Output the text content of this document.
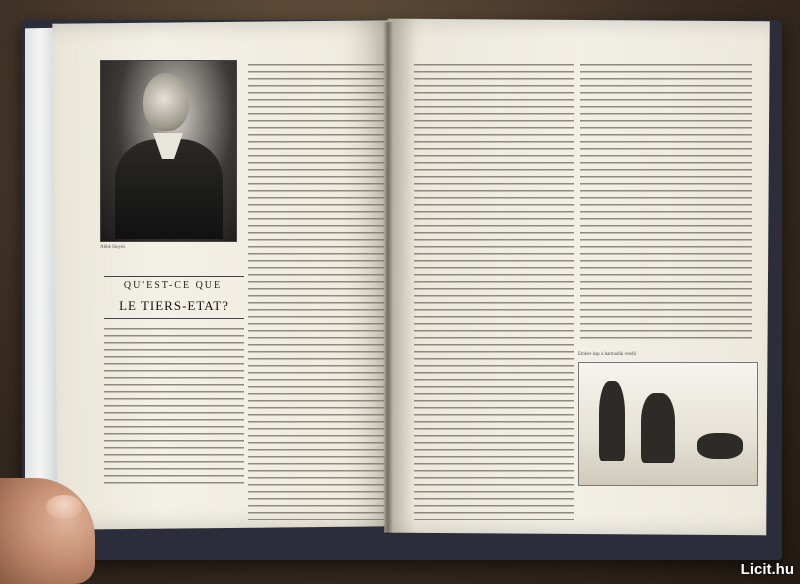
Abbé Sieyès
QU'EST-CE QUE
LE TIERS-ETAT?
Ember kap a harmadik rendű
Licit.hu
